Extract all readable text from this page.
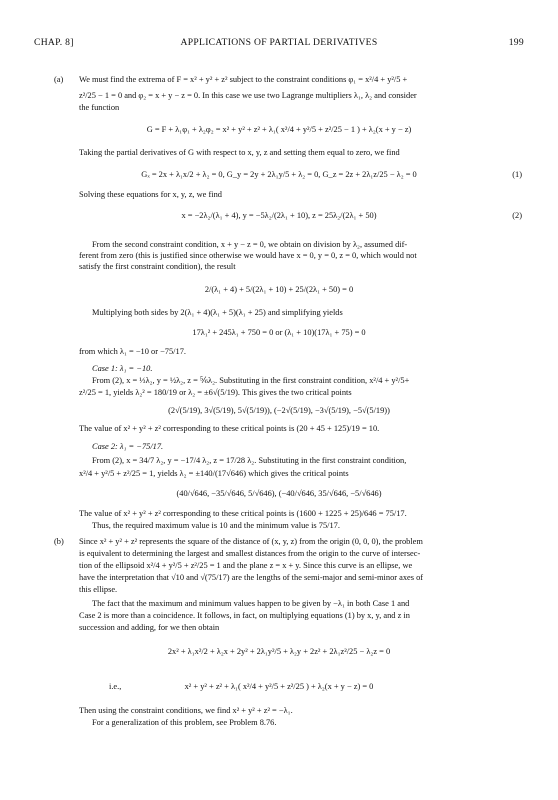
CHAP. 8]	APPLICATIONS OF PARTIAL DERIVATIVES	199
(a) We must find the extrema of F = x² + y² + z² subject to the constraint conditions φ₁ = x²/4 + y²/5 +
z²/25 − 1 = 0 and φ₂ = x + y − z = 0. In this case we use two Lagrange multipliers λ₁, λ₂ and consider
the function
G = F + λ₁φ₁ + λ₂φ₂ = x² + y² + z² + λ₁( x²/4 + y²/5 + z²/25 − 1 ) + λ₂(x + y − z)
Taking the partial derivatives of G with respect to x, y, z and setting them equal to zero, we find
Gₓ = 2x + λ₁x/2 + λ₂ = 0, G_y = 2y + 2λ₁y/5 + λ₂ = 0, G_z = 2z + 2λ₁z/25 − λ₂ = 0	(1)
Solving these equations for x, y, z, we find
x = −2λ₂/(λ₁ + 4), y = −5λ₂/(2λ₁ + 10), z = 25λ₂/(2λ₁ + 50)	(2)
From the second constraint condition, x + y − z = 0, we obtain on division by λ₂, assumed dif-
ferent from zero (this is justified since otherwise we would have x = 0, y = 0, z = 0, which would not
satisfy the first constraint condition), the result
2/(λ₁ + 4) + 5/(2λ₁ + 10) + 25/(2λ₁ + 50) = 0
Multiplying both sides by 2(λ₁ + 4)(λ₁ + 5)(λ₁ + 25) and simplifying yields
17λ₁² + 245λ₁ + 750 = 0 or (λ₁ + 10)(17λ₁ + 75) = 0
from which λ₁ = −10 or −75/17.
Case 1: λ₁ = −10.
From (2), x = ⅓λ₂, y = ½λ₂, z = ⅚λ₂. Substituting in the first constraint condition, x²/4 + y²/5+
z²/25 = 1, yields λ₂² = 180/19 or λ₂ = ±6√(5/19). This gives the two critical points
(2√(5/19), 3√(5/19), 5√(5/19)), (−2√(5/19), −3√(5/19), −5√(5/19))
The value of x² + y² + z² corresponding to these critical points is (20 + 45 + 125)/19 = 10.
Case 2: λ₁ = −75/17.
From (2), x = 34/7 λ₂, y = −17/4 λ₂, z = 17/28 λ₂. Substituting in the first constraint condition,
x²/4 + y²/5 + z²/25 = 1, yields λ₂ = ±140/(17√646) which gives the critical points
(40/√646, −35/√646, 5/√646), (−40/√646, 35/√646, −5/√646)
The value of x² + y² + z² corresponding to these critical points is (1600 + 1225 + 25)/646 = 75/17.
Thus, the required maximum value is 10 and the minimum value is 75/17.
(b) Since x² + y² + z² represents the square of the distance of (x, y, z) from the origin (0, 0, 0), the problem
is equivalent to determining the largest and smallest distances from the origin to the curve of intersec-
tion of the ellipsoid x²/4 + y²/5 + z²/25 = 1 and the plane z = x + y. Since this curve is an ellipse, we
have the interpretation that √10 and √(75/17) are the lengths of the semi-major and semi-minor axes of
this ellipse.
The fact that the maximum and minimum values happen to be given by −λ₁ in both Case 1 and
Case 2 is more than a coincidence. It follows, in fact, on multiplying equations (1) by x, y, and z in
succession and adding, for we then obtain
2x² + λ₁x²/2 + λ₂x + 2y² + 2λ₁y²/5 + λ₂y + 2z² + 2λ₁z²/25 − λ₂z = 0
i.e.,	x² + y² + z² + λ₁( x²/4 + y²/5 + z²/25 ) + λ₂(x + y − z) = 0
Then using the constraint conditions, we find x² + y² + z² = −λ₁.
For a generalization of this problem, see Problem 8.76.
